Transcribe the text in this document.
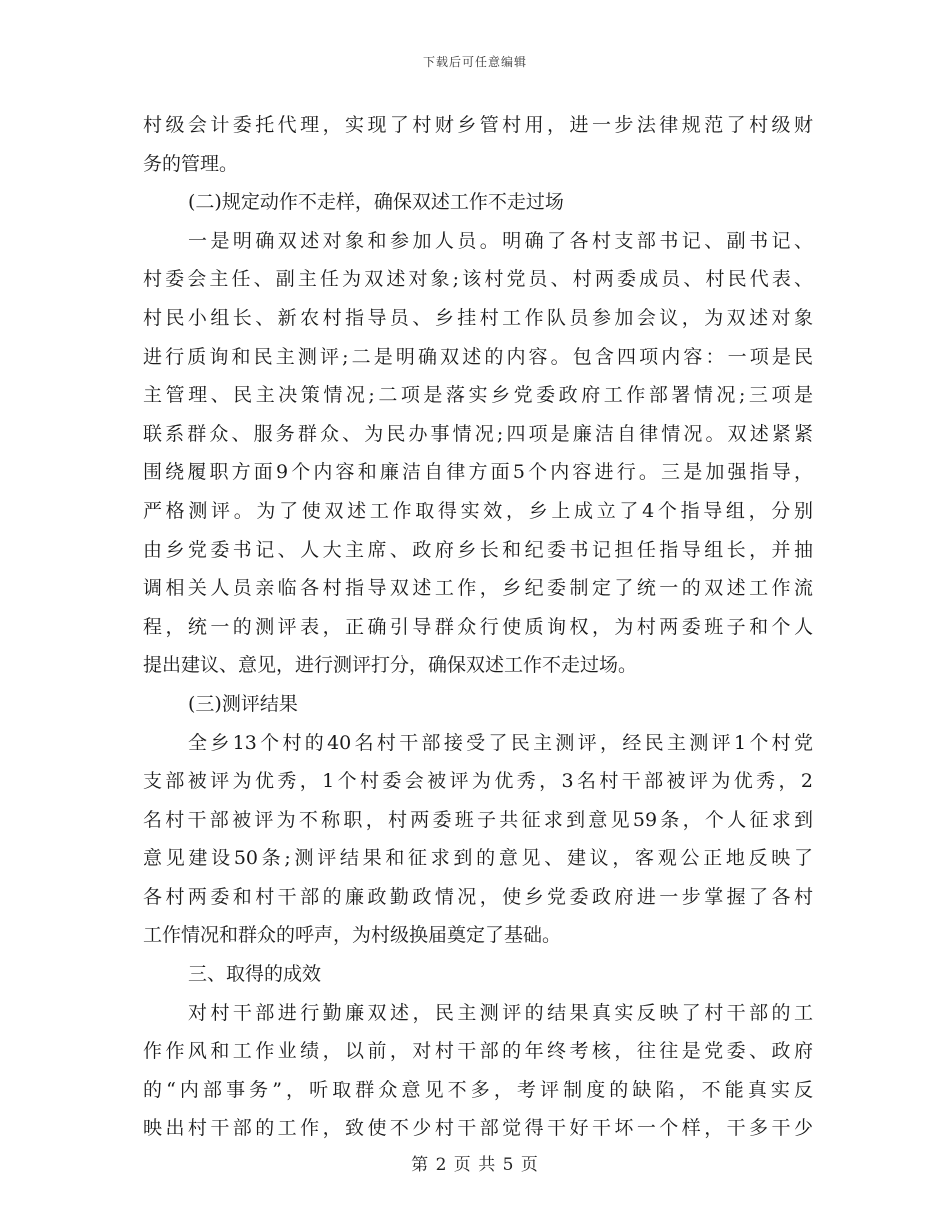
下载后可任意编辑
村级会计委托代理，实现了村财乡管村用，进一步法律规范了村级财
务的管理。
(二)规定动作不走样，确保双述工作不走过场
一是明确双述对象和参加人员。明确了各村支部书记、副书记、
村委会主任、副主任为双述对象;该村党员、村两委成员、村民代表、
村民小组长、新农村指导员、乡挂村工作队员参加会议，为双述对象
进行质询和民主测评;二是明确双述的内容。包含四项内容：一项是民
主管理、民主决策情况;二项是落实乡党委政府工作部署情况;三项是
联系群众、服务群众、为民办事情况;四项是廉洁自律情况。双述紧紧
围绕履职方面9个内容和廉洁自律方面5个内容进行。三是加强指导，
严格测评。为了使双述工作取得实效，乡上成立了4个指导组，分别
由乡党委书记、人大主席、政府乡长和纪委书记担任指导组长，并抽
调相关人员亲临各村指导双述工作，乡纪委制定了统一的双述工作流
程，统一的测评表，正确引导群众行使质询权，为村两委班子和个人
提出建议、意见，进行测评打分，确保双述工作不走过场。
(三)测评结果
全乡13个村的40名村干部接受了民主测评，经民主测评1个村党
支部被评为优秀，1个村委会被评为优秀，3名村干部被评为优秀，2
名村干部被评为不称职，村两委班子共征求到意见59条，个人征求到
意见建设50条;测评结果和征求到的意见、建议，客观公正地反映了
各村两委和村干部的廉政勤政情况，使乡党委政府进一步掌握了各村
工作情况和群众的呼声，为村级换届奠定了基础。
三、取得的成效
对村干部进行勤廉双述，民主测评的结果真实反映了村干部的工
作作风和工作业绩，以前，对村干部的年终考核，往往是党委、政府
的“内部事务”，听取群众意见不多，考评制度的缺陷，不能真实反
映出村干部的工作，致使不少村干部觉得干好干坏一个样，干多干少
第 2 页 共 5 页
